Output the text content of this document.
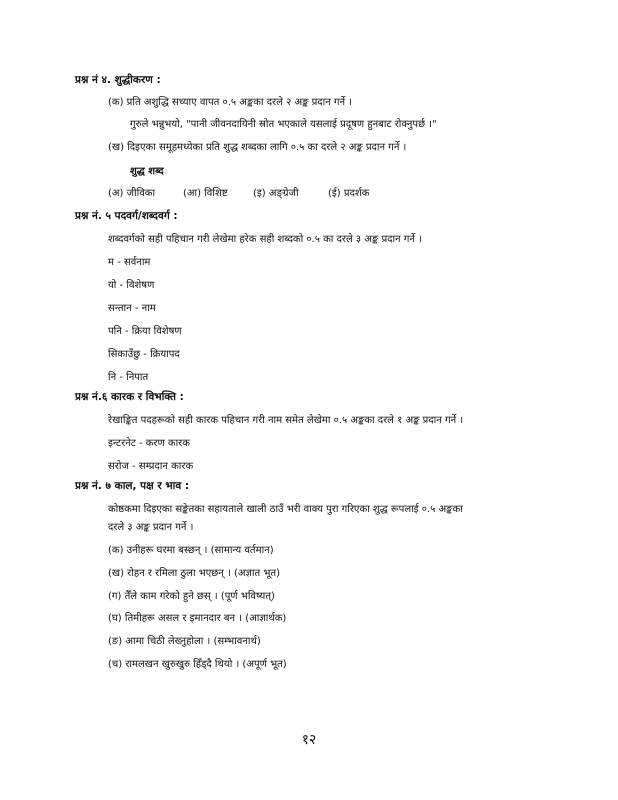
प्रश्न नं ४. शुद्धीकरण :
(क) प्रति अशुद्धि सच्याए वापत ०.५ अङ्कका दरले २ अङ्क प्रदान गर्ने ।
गुरुले भन्नुभयो, "पानी जीवनदायिनी स्रोत भएकाले यसलाई प्रदूषण हुनबाट रोक्नुपर्छ ।"
(ख) दिइएका समूहमध्येका प्रति शुद्ध शब्दका लागि ०.५ का दरले २ अङ्क प्रदान गर्ने ।
शुद्ध शब्द
(अ) जीविका	(आ) विशिष्ट	(इ) अङ्ग्रेजी	(ई) प्रदर्शक
प्रश्न नं. ५ पदवर्ग/शब्दवर्ग :
शब्दवर्गको सही पहिचान गरी लेखेमा हरेक सही शब्दको ०.५ का दरले ३ अङ्क प्रदान गर्ने ।
म - सर्वनाम
यो - विशेषण
सन्तान - नाम
पनि - क्रिया विशेषण
सिकाउँछु - क्रियापद
नि - निपात
प्रश्न नं.६ कारक र विभक्ति :
रेखाङ्कित पदहरूको सही कारक पहिचान गरी नाम समेत लेखेमा ०.५ अङ्कका दरले १ अङ्क प्रदान गर्ने ।
इन्टरनेट - करण कारक
सरोज - सम्प्रदान कारक
प्रश्न नं. ७ काल, पक्ष र भाव :
कोष्ठकमा दिइएका सङ्केतका सहायताले खाली ठाउँ भरी वाक्य पुरा गरिएका शुद्ध रूपलाई ०.५ अङ्कका
दरले ३ अङ्क प्रदान गर्ने ।
(क) उनीहरू घरमा बस्छन् । (सामान्य वर्तमान)
(ख) रोहन र रमिला ठुला भएछन् । (अज्ञात भूत)
(ग) तैँले काम गरेको हुने छस् । (पूर्ण भविष्यत्)
(घ) तिमीहरू असल र इमानदार बन । (आज्ञार्थक)
(ङ) आमा चिठी लेख्नुहोला । (सम्भावनार्थ)
(च) रामलखन खुरुखुरु हिँड्दै थियो । (अपूर्ण भूत)
१२
